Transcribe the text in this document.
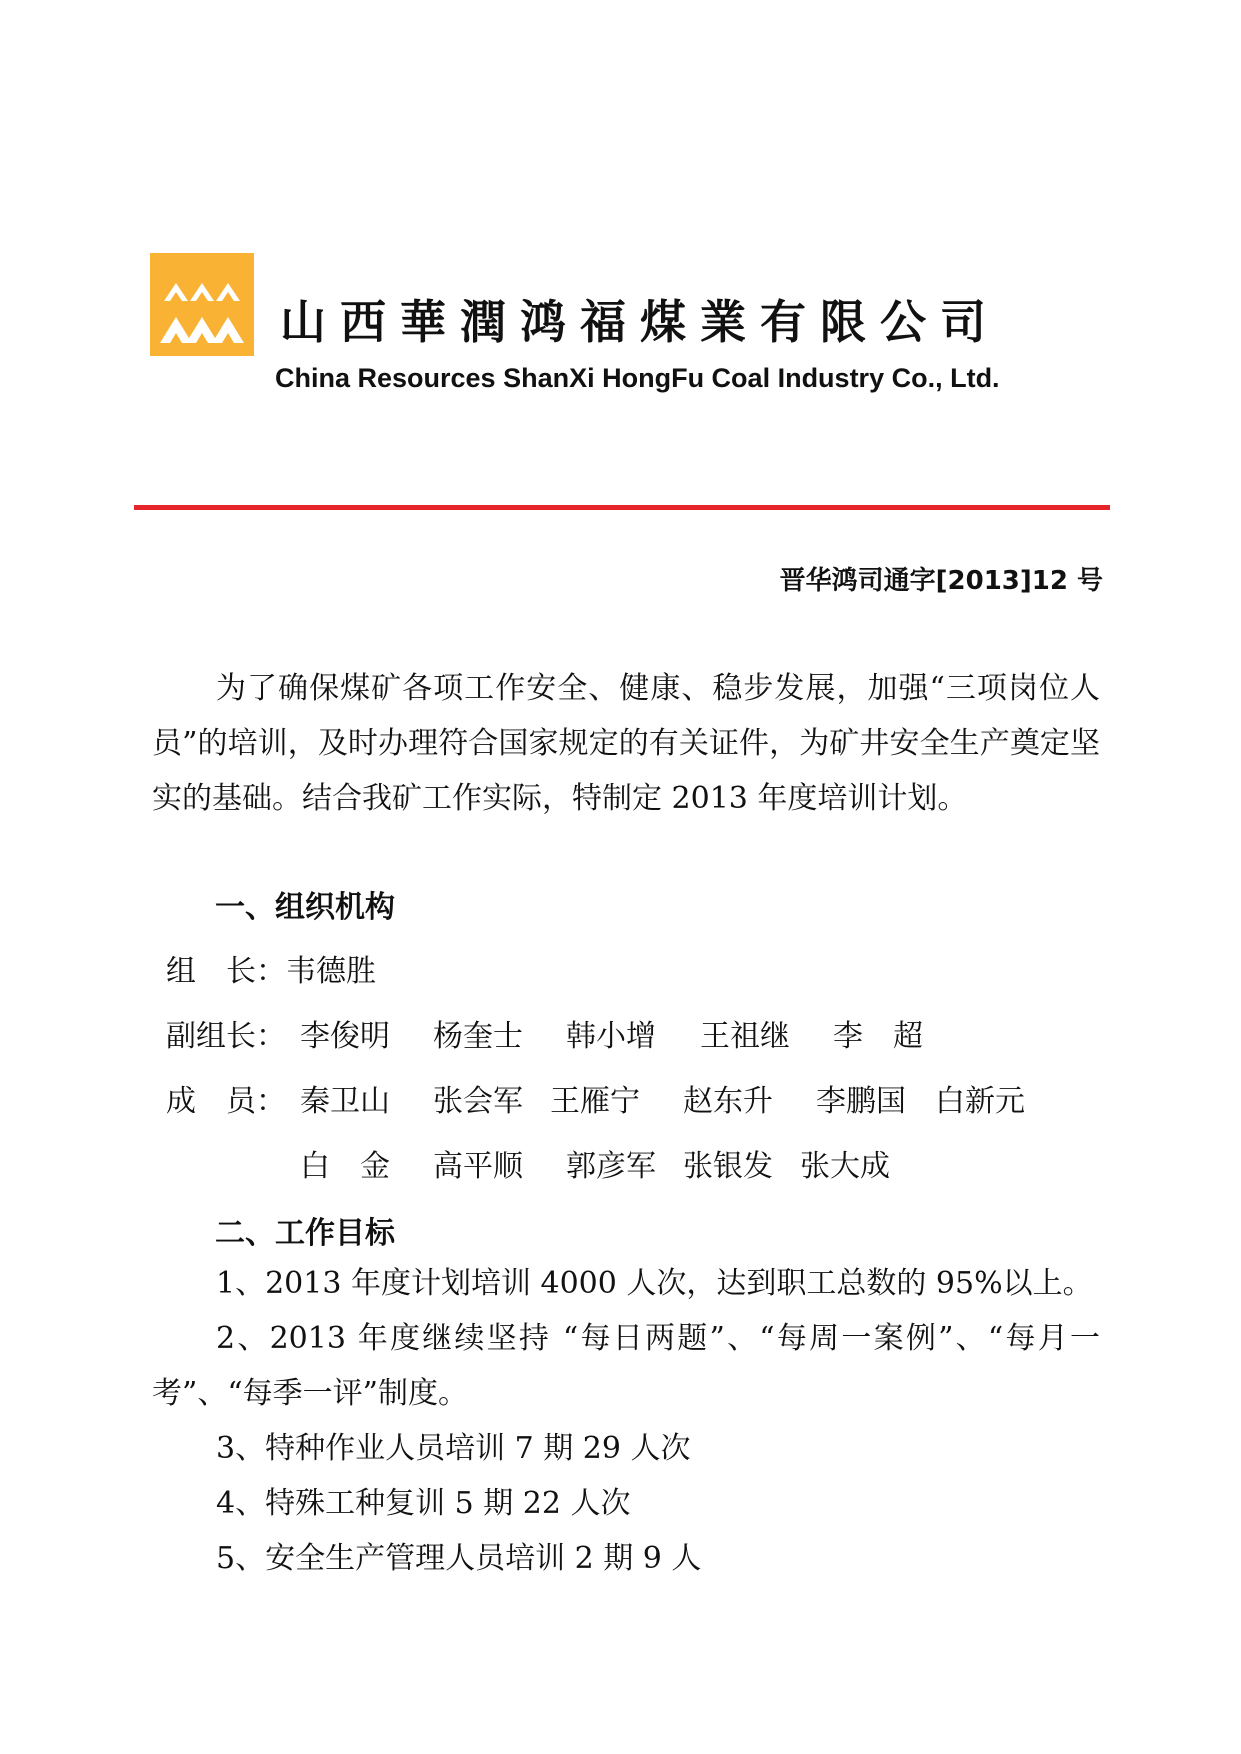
山西華潤鸿福煤業有限公司
China Resources ShanXi HongFu Coal Industry Co., Ltd.
晋华鸿司通字[2013]12 号

为了确保煤矿各项工作安全、健康、稳步发展，加强“三项岗位人员”的培训，及时办理符合国家规定的有关证件，为矿井安全生产奠定坚实的基础。结合我矿工作实际，特制定 2013 年度培训计划。

一、组织机构
组　长：韦德胜
副组长： 李俊明 杨奎士 韩小增 王祖继 李　超
成　员： 秦卫山 张会军 王雁宁 赵东升 李鹏国 白新元
白　金 高平顺 郭彦军 张银发 张大成
二、工作目标

1、2013 年度计划培训 4000 人次，达到职工总数的 95%以上。

2、2013 年度继续坚持 “每日两题”、“每周一案例”、“每月一考”、“每季一评”制度。

3、特种作业人员培训 7 期 29 人次

4、特殊工种复训 5 期 22 人次

5、安全生产管理人员培训 2 期 9 人
